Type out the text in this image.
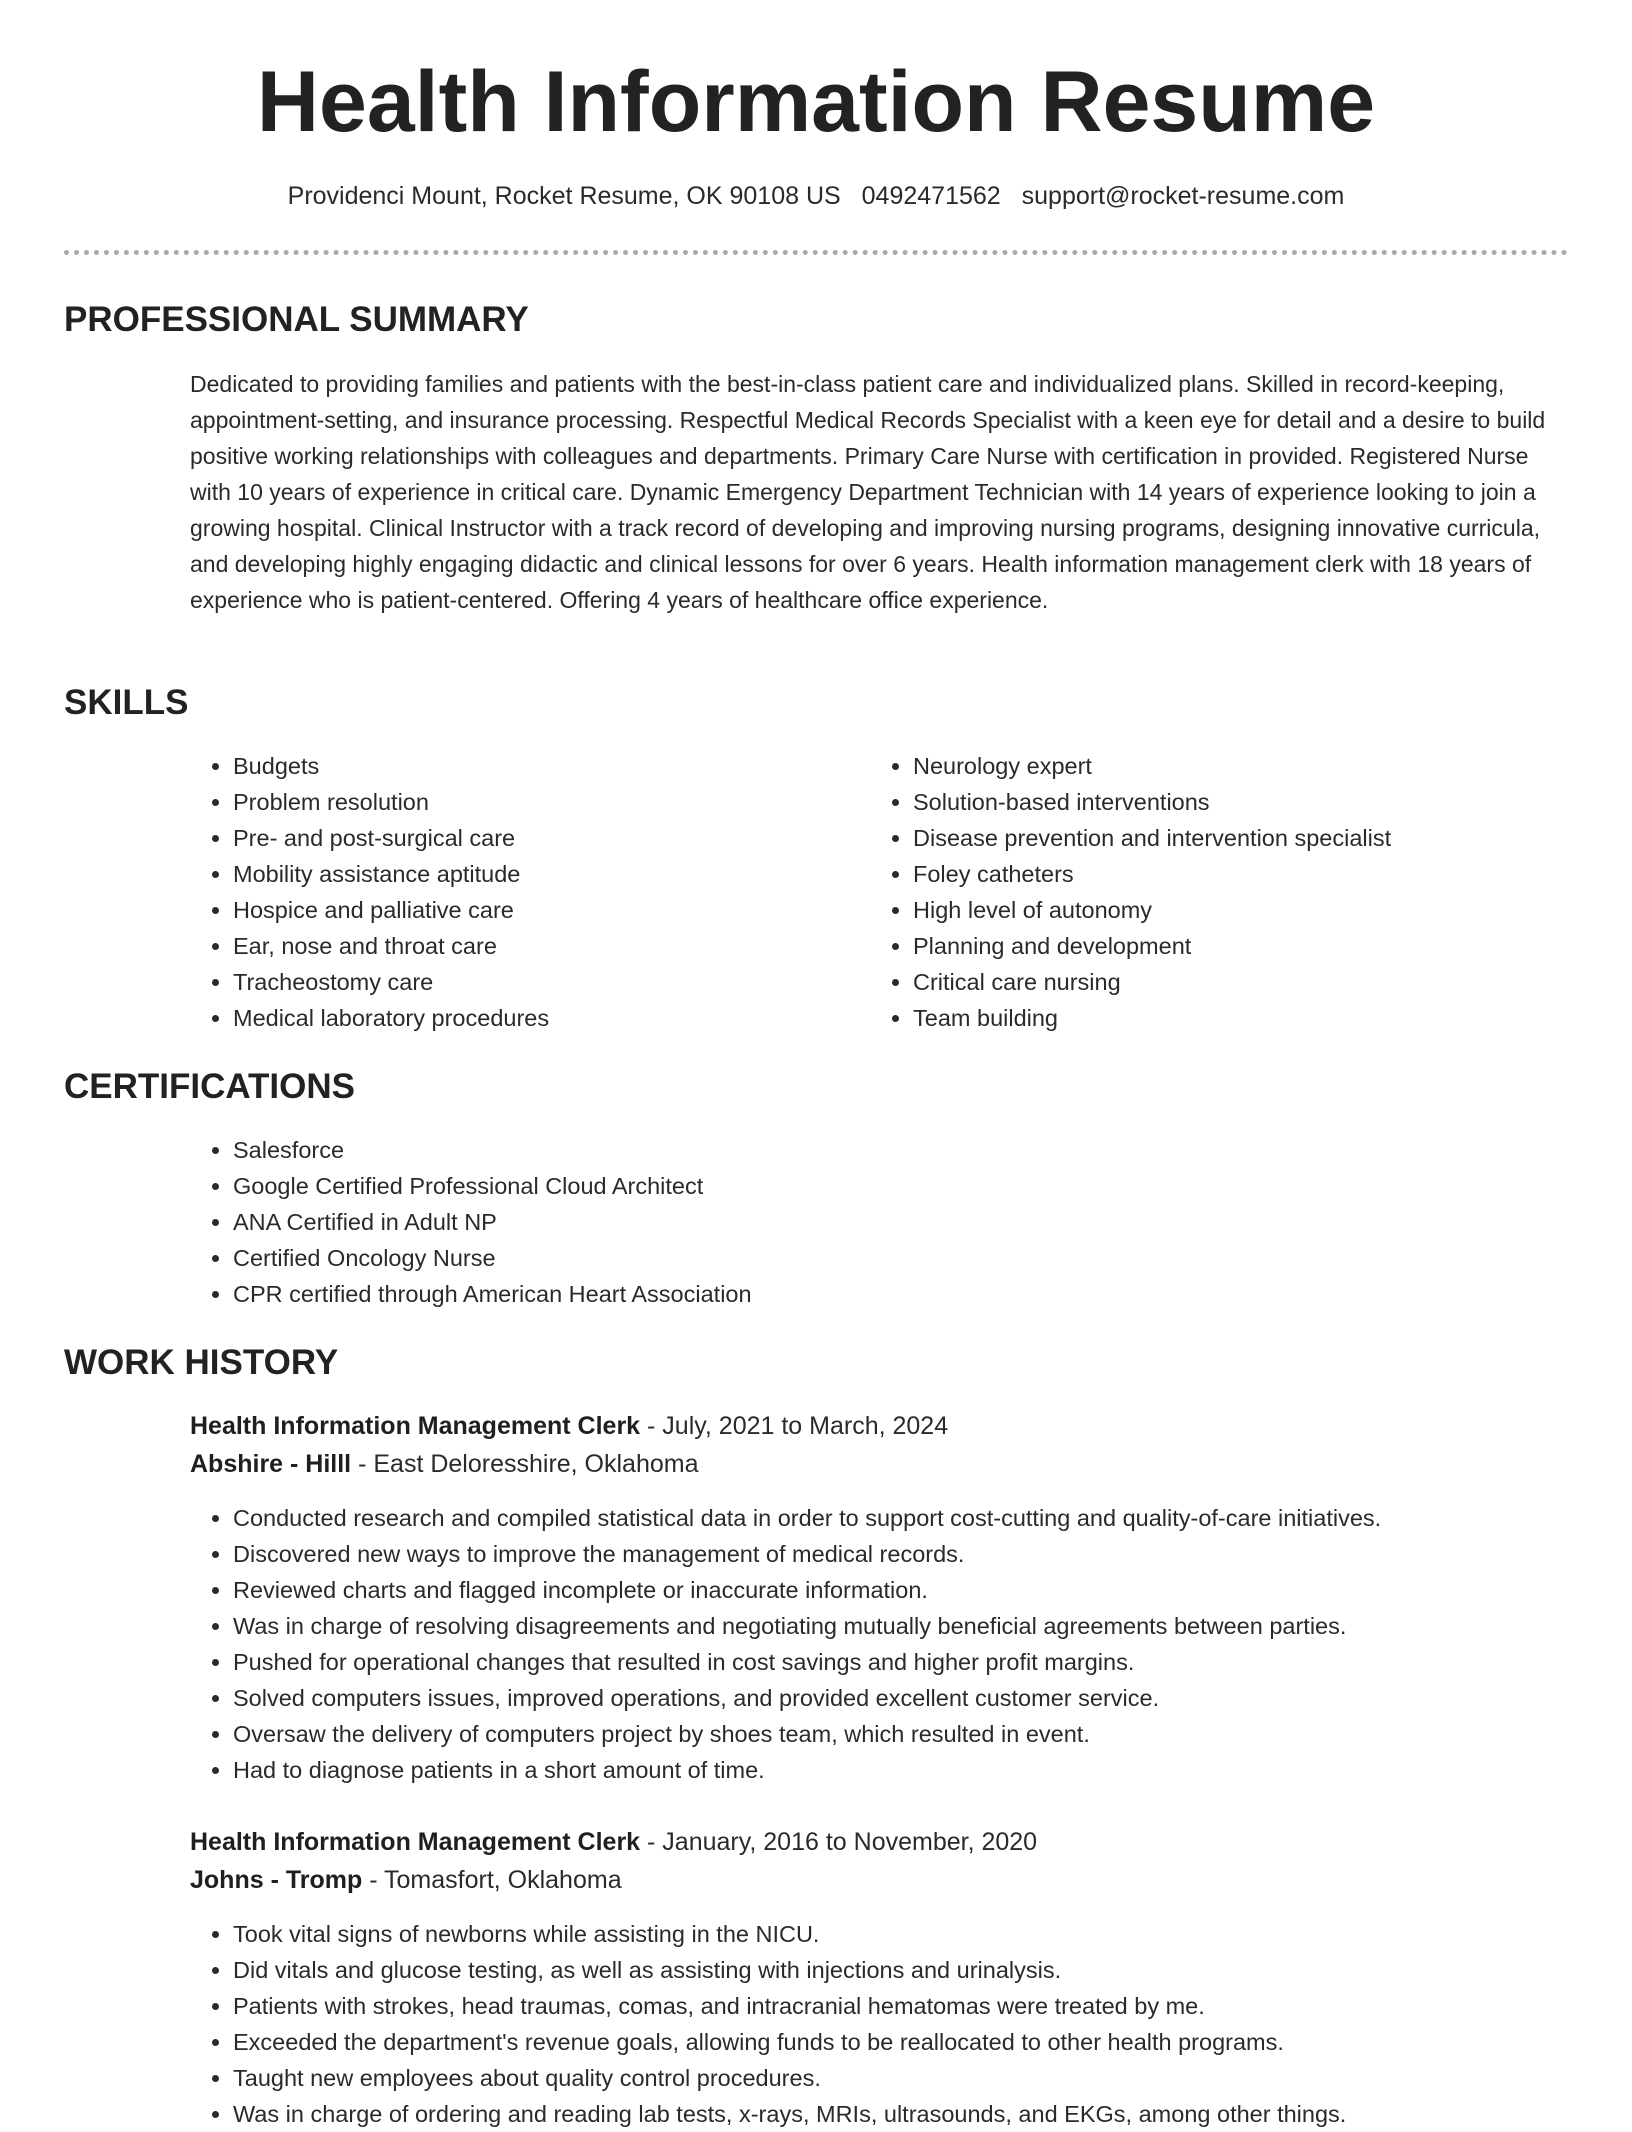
Health Information Resume
Providenci Mount, Rocket Resume, OK 90108 US 0492471562 support@rocket-resume.com
PROFESSIONAL SUMMARY

Dedicated to providing families and patients with the best-in-class patient care and individualized plans. Skilled in record-keeping, appointment-setting, and insurance processing. Respectful Medical Records Specialist with a keen eye for detail and a desire to build positive working relationships with colleagues and departments. Primary Care Nurse with certification in provided. Registered Nurse with 10 years of experience in critical care. Dynamic Emergency Department Technician with 14 years of experience looking to join a growing hospital. Clinical Instructor with a track record of developing and improving nursing programs, designing innovative curricula, and developing highly engaging didactic and clinical lessons for over 6 years. Health information management clerk with 18 years of experience who is patient-centered. Offering 4 years of healthcare office experience.

SKILLS
• Budgets
• Problem resolution
• Pre- and post-surgical care
• Mobility assistance aptitude
• Hospice and palliative care
• Ear, nose and throat care
• Tracheostomy care
• Medical laboratory procedures
• Neurology expert
• Solution-based interventions
• Disease prevention and intervention specialist
• Foley catheters
• High level of autonomy
• Planning and development
• Critical care nursing
• Team building
CERTIFICATIONS
• Salesforce
• Google Certified Professional Cloud Architect
• ANA Certified in Adult NP
• Certified Oncology Nurse
• CPR certified through American Heart Association
WORK HISTORY
Health Information Management Clerk - July, 2021 to March, 2024
Abshire - Hilll - East Deloresshire, Oklahoma
• Conducted research and compiled statistical data in order to support cost-cutting and quality-of-care initiatives.
• Discovered new ways to improve the management of medical records.
• Reviewed charts and flagged incomplete or inaccurate information.
• Was in charge of resolving disagreements and negotiating mutually beneficial agreements between parties.
• Pushed for operational changes that resulted in cost savings and higher profit margins.
• Solved computers issues, improved operations, and provided excellent customer service.
• Oversaw the delivery of computers project by shoes team, which resulted in event.
• Had to diagnose patients in a short amount of time.
Health Information Management Clerk - January, 2016 to November, 2020
Johns - Tromp - Tomasfort, Oklahoma
• Took vital signs of newborns while assisting in the NICU.
• Did vitals and glucose testing, as well as assisting with injections and urinalysis.
• Patients with strokes, head traumas, comas, and intracranial hematomas were treated by me.
• Exceeded the department's revenue goals, allowing funds to be reallocated to other health programs.
• Taught new employees about quality control procedures.
• Was in charge of ordering and reading lab tests, x-rays, MRIs, ultrasounds, and EKGs, among other things.
